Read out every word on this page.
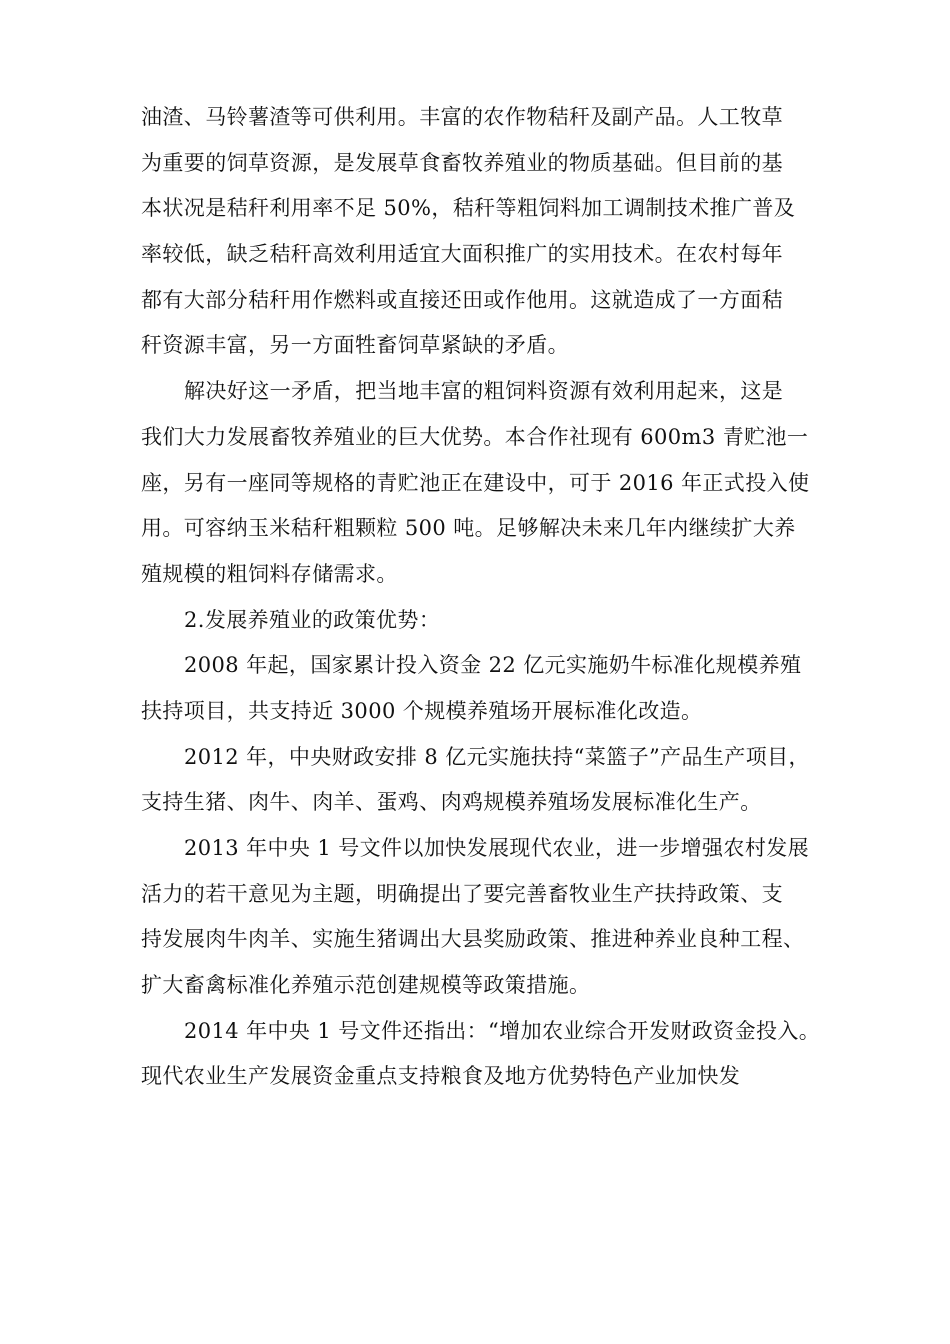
油渣、马铃薯渣等可供利用。丰富的农作物秸秆及副产品。人工牧草
为重要的饲草资源，是发展草食畜牧养殖业的物质基础。但目前的基
本状况是秸秆利用率不足 50%，秸秆等粗饲料加工调制技术推广普及
率较低，缺乏秸秆高效利用适宜大面积推广的实用技术。在农村每年
都有大部分秸秆用作燃料或直接还田或作他用。这就造成了一方面秸
秆资源丰富，另一方面牲畜饲草紧缺的矛盾。
解决好这一矛盾，把当地丰富的粗饲料资源有效利用起来，这是
我们大力发展畜牧养殖业的巨大优势。本合作社现有 600m3 青贮池一
座，另有一座同等规格的青贮池正在建设中，可于 2016 年正式投入使
用。可容纳玉米秸秆粗颗粒 500 吨。足够解决未来几年内继续扩大养
殖规模的粗饲料存储需求。
2.发展养殖业的政策优势：
2008 年起，国家累计投入资金 22 亿元实施奶牛标准化规模养殖
扶持项目，共支持近 3000 个规模养殖场开展标准化改造。
2012 年，中央财政安排 8 亿元实施扶持“菜篮子”产品生产项目，
支持生猪、肉牛、肉羊、蛋鸡、肉鸡规模养殖场发展标准化生产。
2013 年中央 1 号文件以加快发展现代农业，进一步增强农村发展
活力的若干意见为主题，明确提出了要完善畜牧业生产扶持政策、支
持发展肉牛肉羊、实施生猪调出大县奖励政策、推进种养业良种工程、
扩大畜禽标准化养殖示范创建规模等政策措施。
2014 年中央 1 号文件还指出：“增加农业综合开发财政资金投入。
现代农业生产发展资金重点支持粮食及地方优势特色产业加快发
